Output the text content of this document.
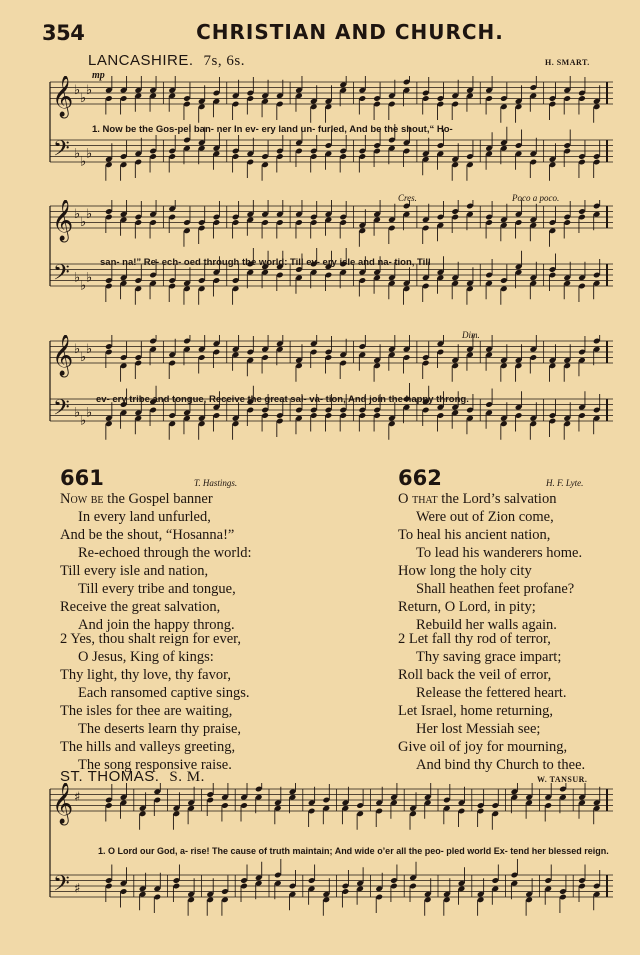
354	CHRISTIAN AND CHURCH.
LANCASHIRE. 7s, 6s.	H. SMART.
mp
𝄞
𝄢
♭
♭
♭
♭
♭
♭
1. Now be the Gos-pel ban- ner In ev- ery land un- furled, And be the shout,“ Ho-
Cres.	Poco a poco.
𝄞
𝄢
♭
♭
♭
♭
♭
♭
san- na!” Re- ech- oed through the world: Till ev- ery isle and na- tion, Till
Dim.
𝄞
𝄢
♭
♭
♭
♭
♭
♭
ev- ery tribe and tongue, Receive the great sal- va- tion, And join the happy throng.
661	T. Hastings.
Now be the Gospel banner
In every land unfurled,
And be the shout, “Hosanna!”
Re-echoed through the world:
Till every isle and nation,
Till every tribe and tongue,
Receive the great salvation,
And join the happy throng.
2 Yes, thou shalt reign for ever,
O Jesus, King of kings:
Thy light, thy love, thy favor,
Each ransomed captive sings.
The isles for thee are waiting,
The deserts learn thy praise,
The hills and valleys greeting,
The song responsive raise.
662	H. F. Lyte.
O that the Lord’s salvation
Were out of Zion come,
To heal his ancient nation,
To lead his wanderers home.
How long the holy city
Shall heathen feet profane?
Return, O Lord, in pity;
Rebuild her walls again.
2 Let fall thy rod of terror,
Thy saving grace impart;
Roll back the veil of error,
Release the fettered heart.
Let Israel, home returning,
Her lost Messiah see;
Give oil of joy for mourning,
And bind thy Church to thee.
ST. THOMAS. S. M.	W. TANSUR.
𝄞
𝄢
♯
♯
1. O Lord our God, a- rise! The cause of truth maintain; And wide o’er all the peo- pled world Ex- tend her blessed reign.
